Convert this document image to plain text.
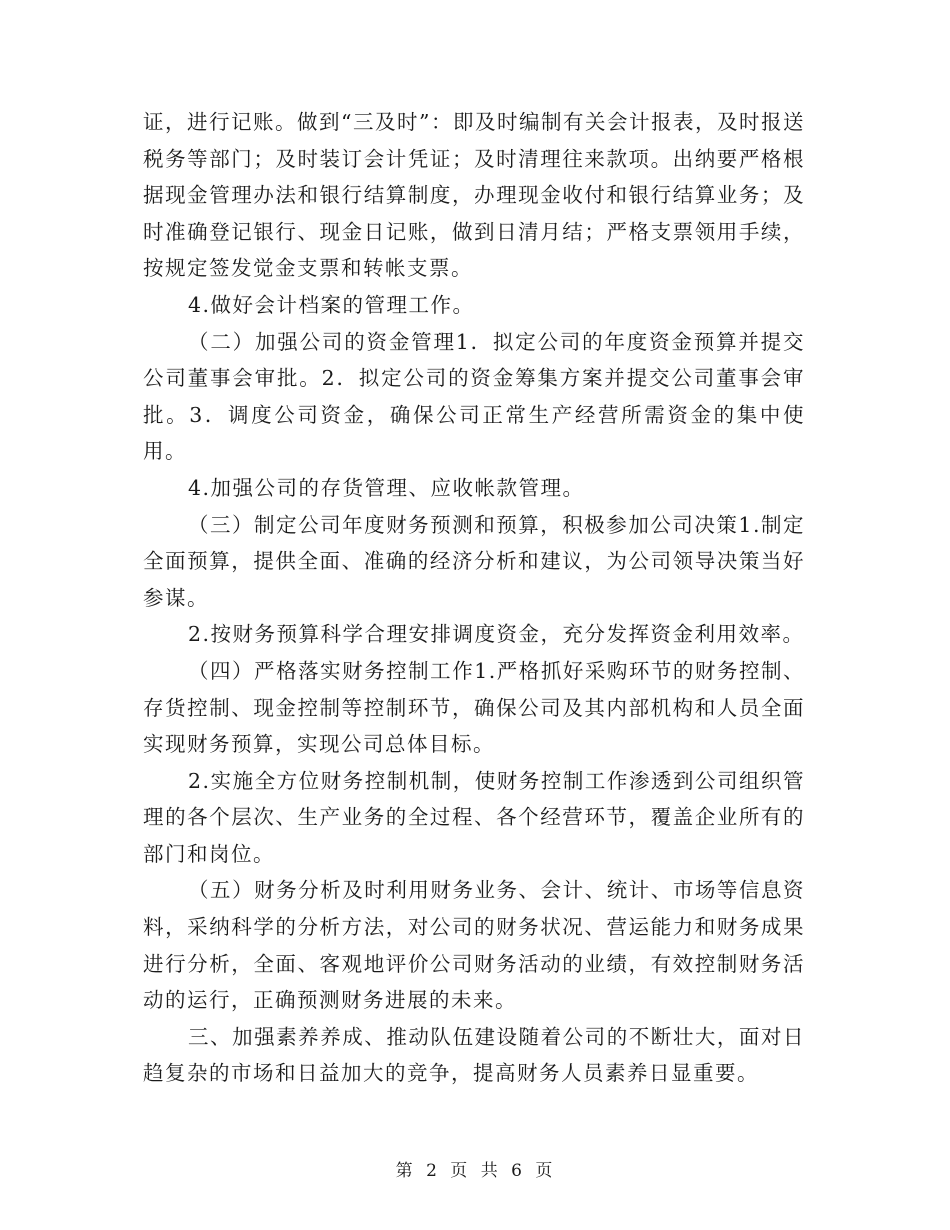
证，进行记账。做到“三及时”：即及时编制有关会计报表，及时报送税务等部门；及时装订会计凭证；及时清理往来款项。出纳要严格根据现金管理办法和银行结算制度，办理现金收付和银行结算业务；及时准确登记银行、现金日记账，做到日清月结；严格支票领用手续，按规定签发觉金支票和转帐支票。

4.做好会计档案的管理工作。

（二）加强公司的资金管理1．拟定公司的年度资金预算并提交公司董事会审批。2．拟定公司的资金筹集方案并提交公司董事会审批。3．调度公司资金，确保公司正常生产经营所需资金的集中使用。

4.加强公司的存货管理、应收帐款管理。

（三）制定公司年度财务预测和预算，积极参加公司决策1.制定全面预算，提供全面、准确的经济分析和建议，为公司领导决策当好参谋。

2.按财务预算科学合理安排调度资金，充分发挥资金利用效率。

（四）严格落实财务控制工作1.严格抓好采购环节的财务控制、存货控制、现金控制等控制环节，确保公司及其内部机构和人员全面实现财务预算，实现公司总体目标。

2.实施全方位财务控制机制，使财务控制工作渗透到公司组织管理的各个层次、生产业务的全过程、各个经营环节，覆盖企业所有的部门和岗位。

（五）财务分析及时利用财务业务、会计、统计、市场等信息资料，采纳科学的分析方法，对公司的财务状况、营运能力和财务成果进行分析，全面、客观地评价公司财务活动的业绩，有效控制财务活动的运行，正确预测财务进展的未来。

三、加强素养养成、推动队伍建设随着公司的不断壮大，面对日趋复杂的市场和日益加大的竞争，提高财务人员素养日显重要。

第 2 页 共 6 页
